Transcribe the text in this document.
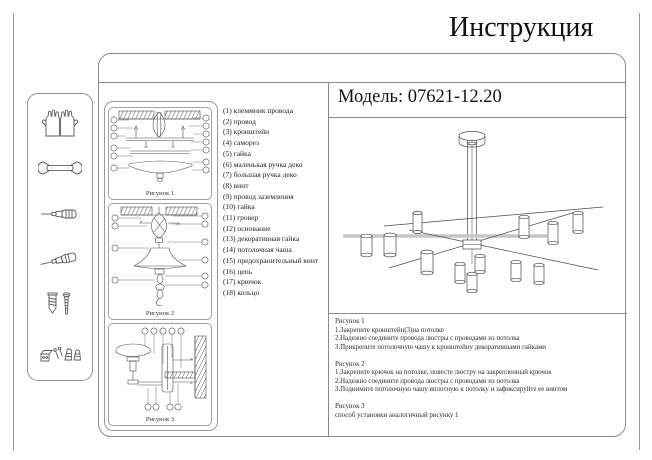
Инструкция
Рисунок 1
Рисунок 2
Рисунок 3
(1) клеммник провода
(2) провод
(3) кронштейн
(4) саморез
(5) гайка
(6) маленькая ручка деко
(7) большая ручка деко
(8) винт
(9) провод заземления
(10) гайка
(11) гровер
(12) основание
(13) декоративная гайка
(14) потолочная чаша
(15) предохранительный винт
(16) цепь
(17) крючок
(18) кольцо
Модель: 07621-12.20
Рисунок 1
1.Закрепите кронштейн(3)на потолке
2.Надежно соедините провода люстры с проводами из потолка
3.Прикрепите потолочную чашу к кронштейну декоративными гайками
Рисунок 2
1.Закрепите крючок на потолке, повесте люстру на закрепленный крючок
2.Надежно соедините провода люстры с проводами из потолка
3.Поднимите потолочную чашу вплотную к потолку и зафиксируйте ее винтом
Рисунок 3
способ установки аналогичный рисунку 1
